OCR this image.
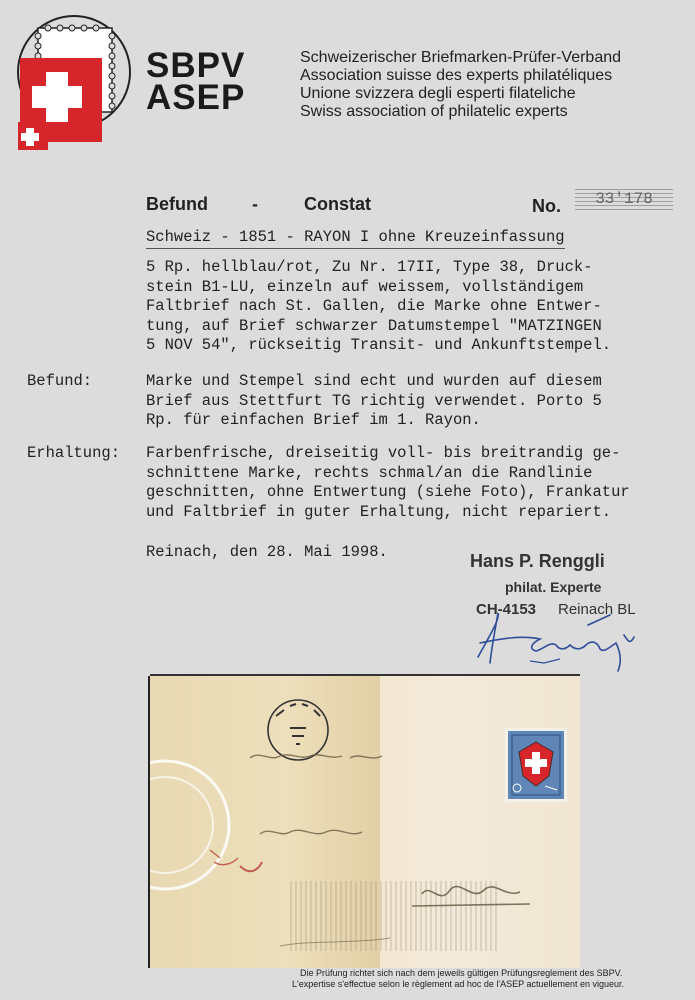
SBPV
ASEP
Schweizerischer Briefmarken-Prüfer-Verband
Association suisse des experts philatéliques
Unione svizzera degli esperti filateliche
Swiss association of philatelic experts
Befund -	Constat	No.	33'178
Schweiz - 1851 - RAYON I ohne Kreuzeinfassung
5 Rp. hellblau/rot, Zu Nr. 17II, Type 38, Druck-
stein B1-LU, einzeln auf weissem, vollständigem
Faltbrief nach St. Gallen, die Marke ohne Entwer-
tung, auf Brief schwarzer Datumstempel "MATZINGEN
5 NOV 54", rückseitig Transit- und Ankunftstempel.
Befund:	Marke und Stempel sind echt und wurden auf diesem
Brief aus Stettfurt TG richtig verwendet. Porto 5
Rp. für einfachen Brief im 1. Rayon.
Erhaltung: Farbenfrische, dreiseitig voll- bis breitrandig ge-
schnittene Marke, rechts schmal/an die Randlinie
geschnitten, ohne Entwertung (siehe Foto), Frankatur
und Faltbrief in guter Erhaltung, nicht repariert.
Reinach, den 28. Mai 1998.	Hans P. Renggli
philat. Experte
CH-4153 Reinach BL
Die Prüfung richtet sich nach dem jeweils gültigen Prüfungsreglement des SBPV.
L'expertise s'effectue selon le règlement ad hoc de l'ASEP actuellement en vigueur.
